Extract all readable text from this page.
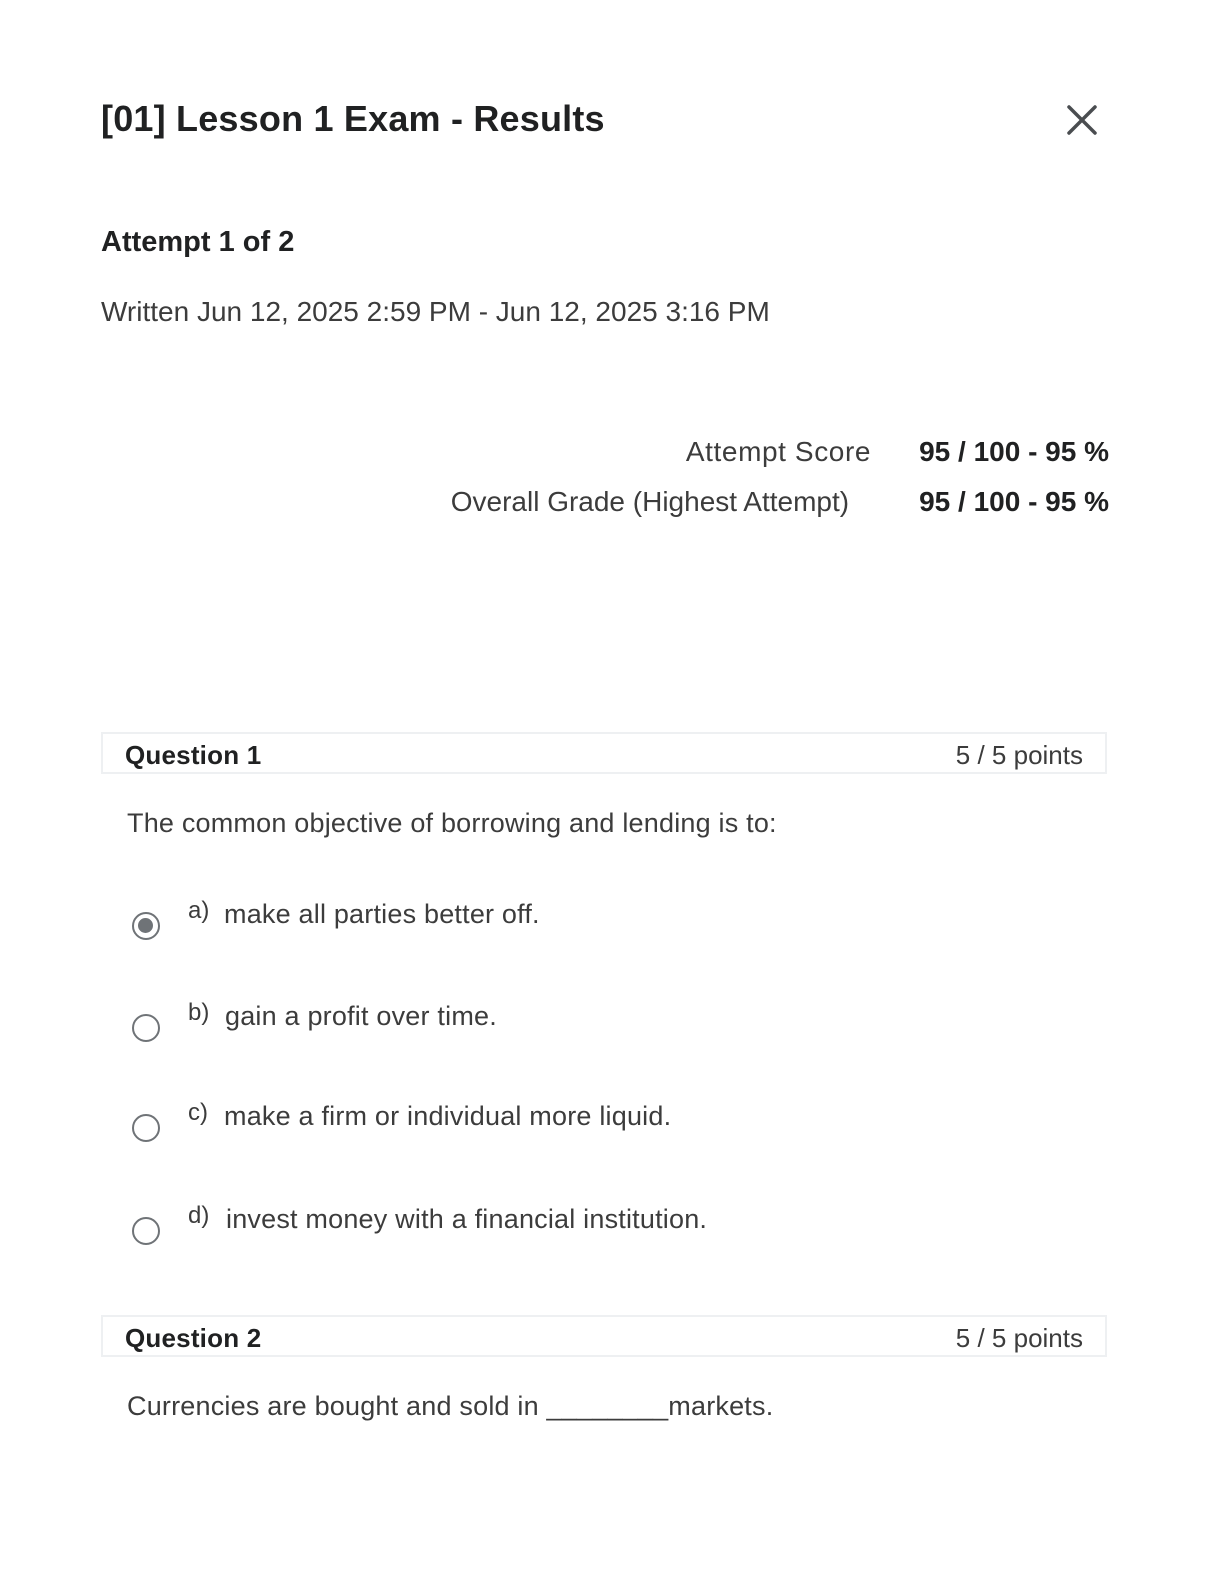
[01] Lesson 1 Exam - Results
Attempt 1 of 2
Written Jun 12, 2025 2:59 PM - Jun 12, 2025 3:16 PM
Attempt Score 95 / 100 - 95 %
Overall Grade (Highest Attempt)	95 / 100 - 95 %
Question 1	5 / 5 points
The common objective of borrowing and lending is to:
a) make all parties better off.
b) gain a profit over time.
c) make a firm or individual more liquid.
d) invest money with a financial institution.
Question 2	5 / 5 points
Currencies are bought and sold in ________markets.
